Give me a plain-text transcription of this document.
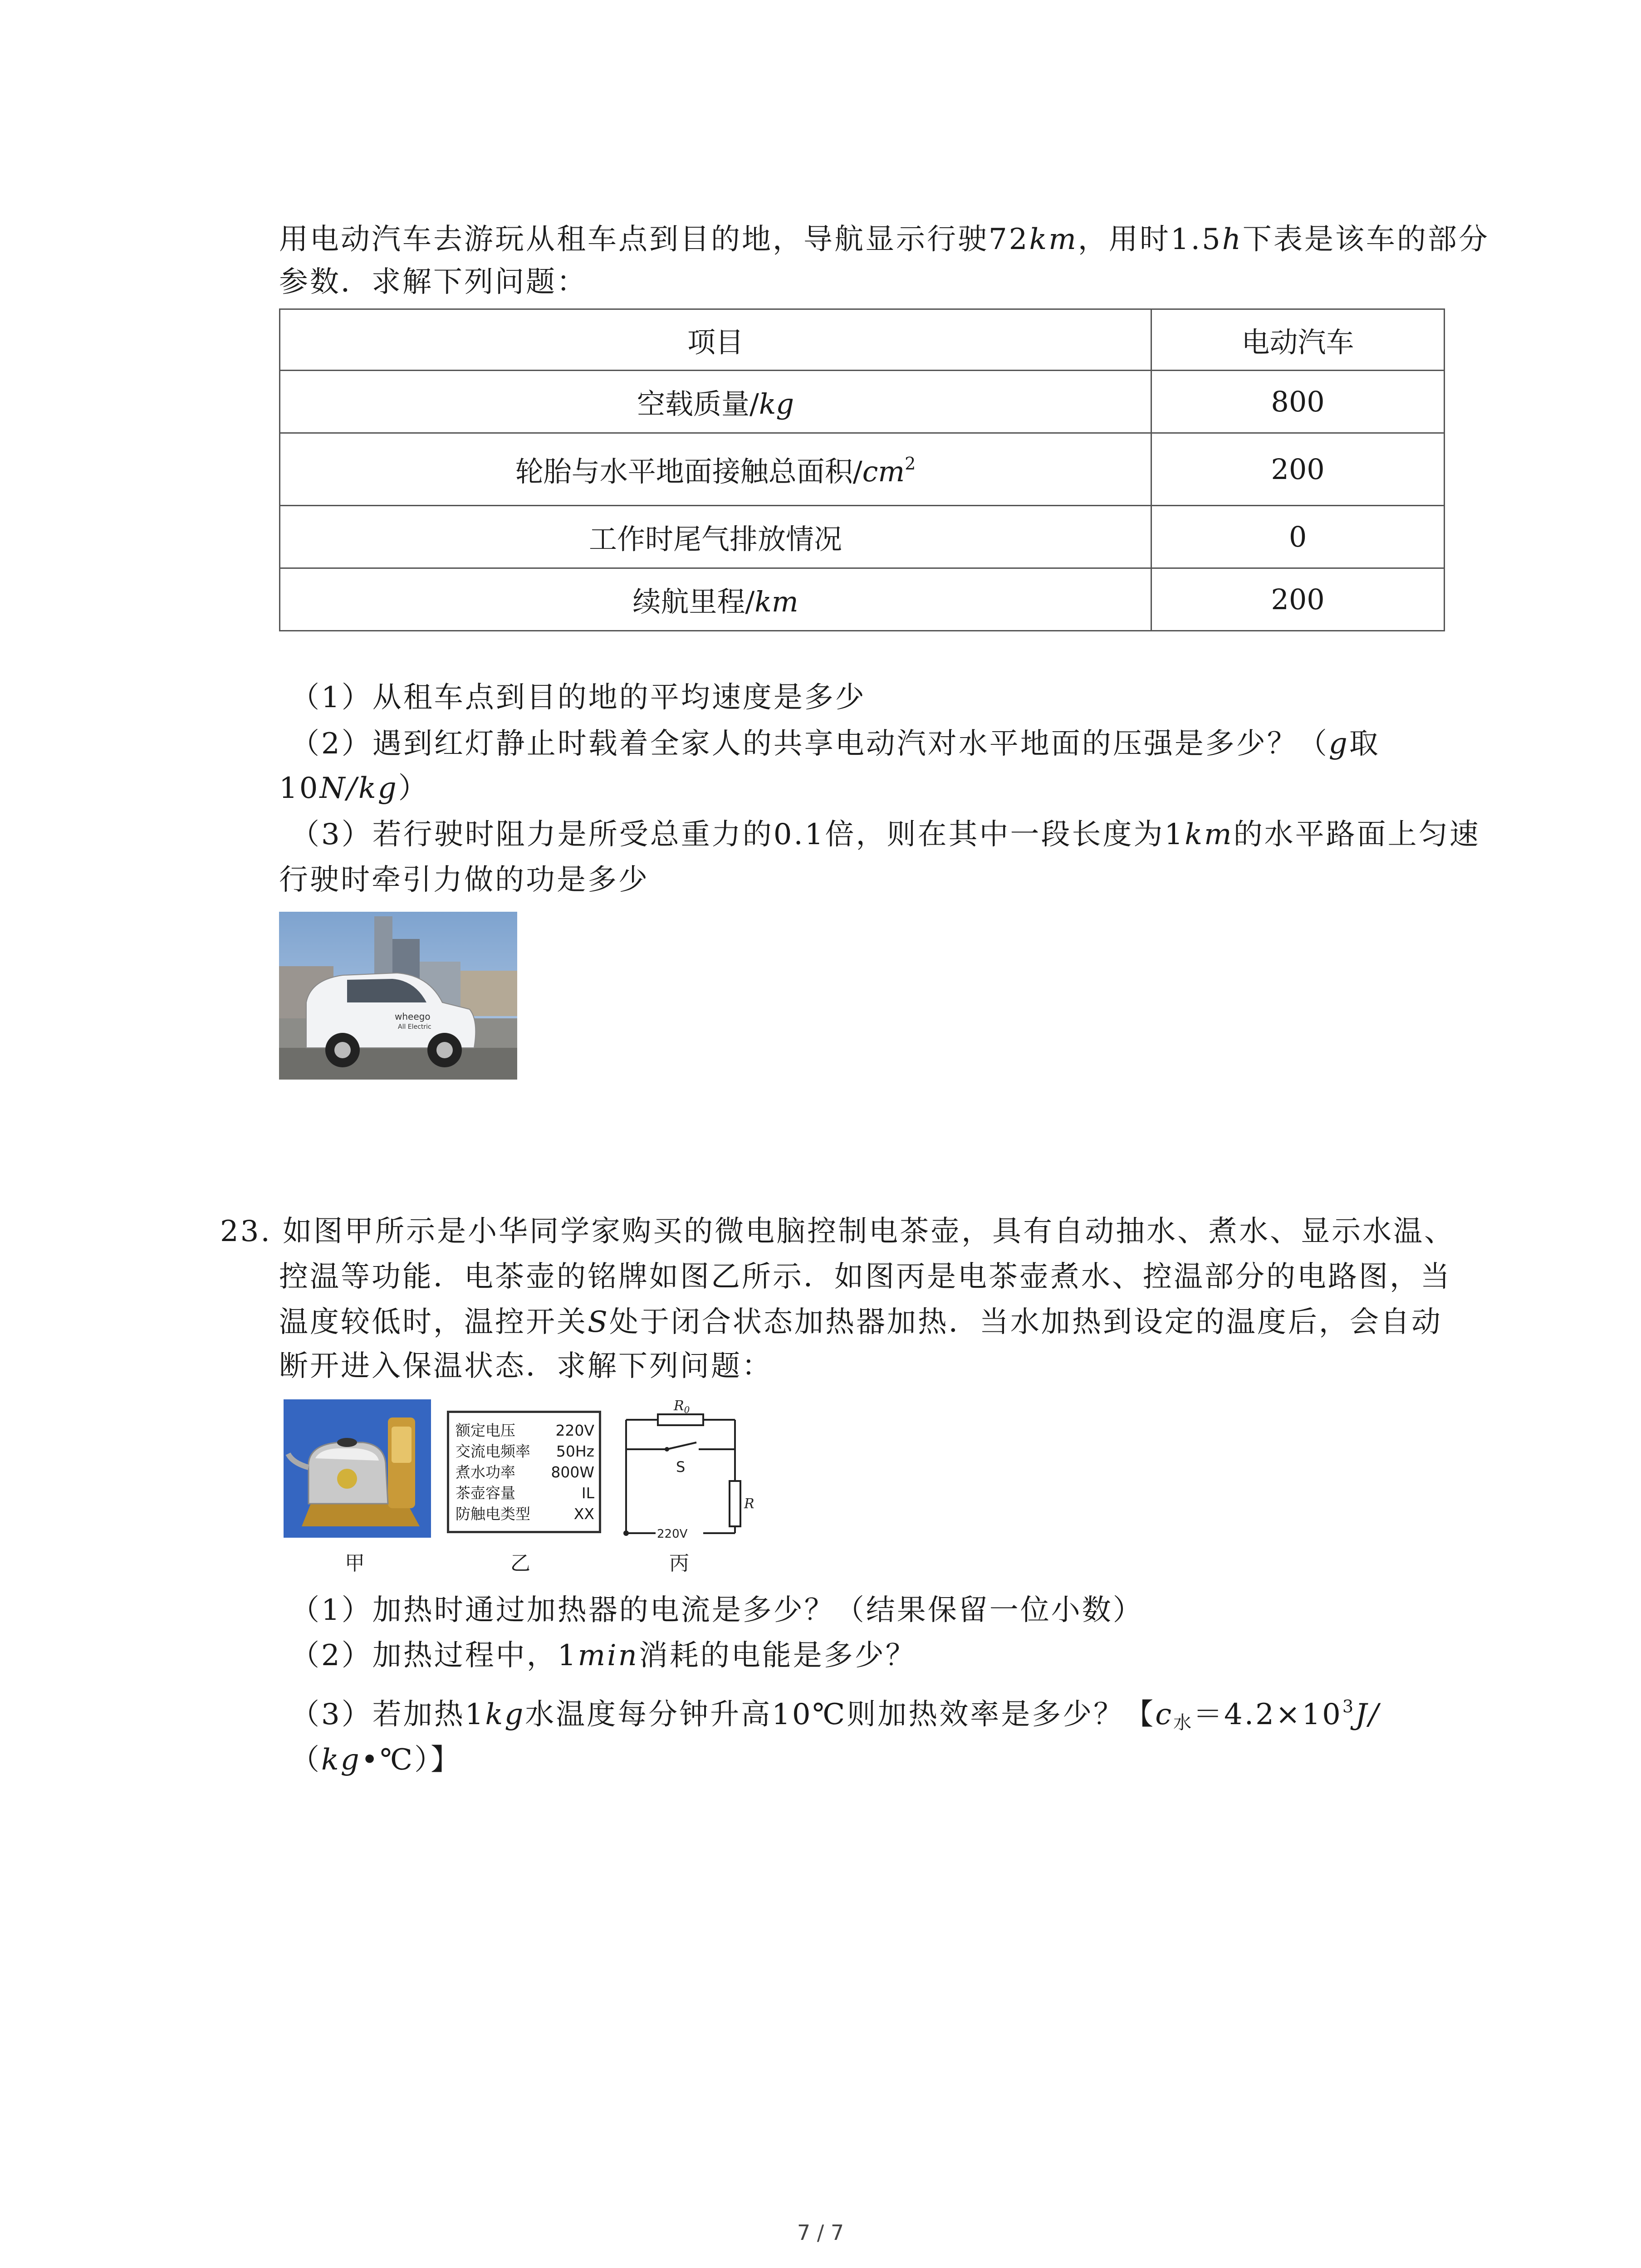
用电动汽车去游玩从租车点到目的地，导航显示行驶72km，用时1.5h下表是该车的部分
参数．求解下列问题：
项目	电动汽车
空载质量/kg	800
轮胎与水平地面接触总面积$/cm^2$	200
工作时尾气排放情况	0
续航里程/km	200
（1）从租车点到目的地的平均速度是多少
（2）遇到红灯静止时载着全家人的共享电动汽对水平地面的压强是多少？（g取
10N/kg）
（3）若行驶时阻力是所受总重力的0.1倍，则在其中一段长度为1km的水平路面上匀速
行驶时牵引力做的功是多少
wheego
All Electric
23. 如图甲所示是小华同学家购买的微电脑控制电茶壶，具有自动抽水、煮水、显示水温、
控温等功能．电茶壶的铭牌如图乙所示．如图丙是电茶壶煮水、控温部分的电路图，当
温度较低时，温控开关S处于闭合状态加热器加热．当水加热到设定的温度后，会自动
断开进入保温状态．求解下列问题：
额定电压	220V
交流电频率	50Hz
煮水功率	800W
茶壶容量	IL
防触电类型	XX
$R_0$
S
R
220V
甲	乙	丙
（1）加热时通过加热器的电流是多少？（结果保留一位小数）
（2）加热过程中，1min消耗的电能是多少？
（3）若加热1kg水温度每分钟升高10℃则加热效率是多少？【$c_水=4.2\times 10^3J/$
（kg•℃）】
7 / 7
